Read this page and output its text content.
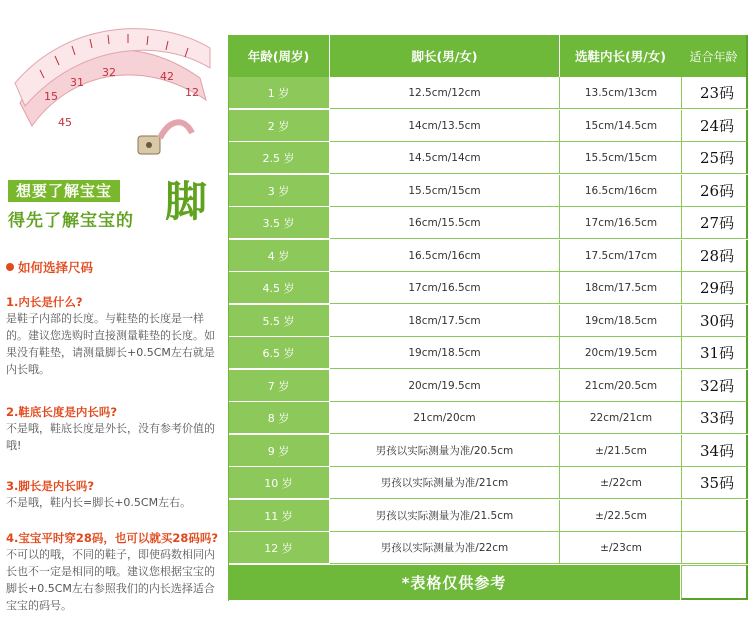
15
31
32	42
12
45
想要了解宝宝
得先了解宝宝的 脚
如何选择尺码
1.内长是什么?
是鞋子内部的长度。与鞋垫的长度是一样的。建议您选购时直接测量鞋垫的长度。如果没有鞋垫，请测量脚长+0.5CM左右就是内长哦。
2.鞋底长度是内长吗?
不是哦，鞋底长度是外长，没有参考价值的哦!
3.脚长是内长吗?
不是哦，鞋内长=脚长+0.5CM左右。
4.宝宝平时穿28码，也可以就买28码吗?
不可以的哦，不同的鞋子，即使码数相同内长也不一定是相同的哦。建议您根据宝宝的脚长+0.5CM左右参照我们的内长选择适合宝宝的码号。
年龄(周岁)	脚长(男/女)	选鞋内长(男/女)	适合年龄
1 岁	12.5cm/12cm	13.5cm/13cm	23码
2 岁	14cm/13.5cm	15cm/14.5cm	24码
2.5 岁	14.5cm/14cm	15.5cm/15cm	25码
3 岁	15.5cm/15cm	16.5cm/16cm	26码
3.5 岁	16cm/15.5cm	17cm/16.5cm	27码
4 岁	16.5cm/16cm	17.5cm/17cm	28码
4.5 岁	17cm/16.5cm	18cm/17.5cm	29码
5.5 岁	18cm/17.5cm	19cm/18.5cm	30码
6.5 岁	19cm/18.5cm	20cm/19.5cm	31码
7 岁	20cm/19.5cm	21cm/20.5cm	32码
8 岁	21cm/20cm	22cm/21cm	33码
9 岁	男孩以实际测量为准/20.5cm	±/21.5cm	34码
10 岁	男孩以实际测量为准/21cm	±/22cm	35码
11 岁	男孩以实际测量为准/21.5cm	±/22.5cm
12 岁	男孩以实际测量为准/22cm	±/23cm
*表格仅供参考
